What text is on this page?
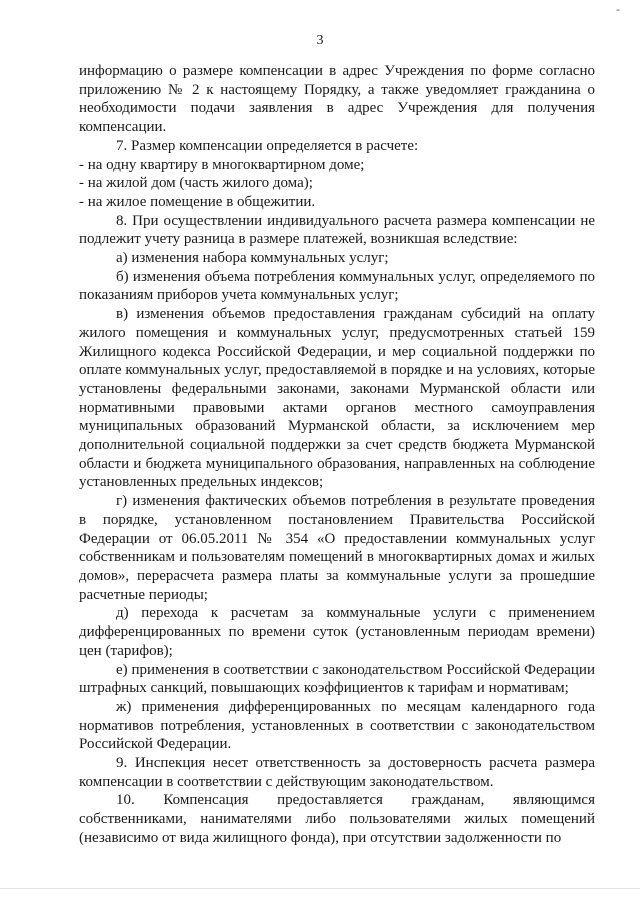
-
3

информацию о размере компенсации в адрес Учреждения по форме согласно приложению № 2 к настоящему Порядку, а также уведомляет гражданина о необходимости подачи заявления в адрес Учреждения для получения компенсации.

7. Размер компенсации определяется в расчете:

- на одну квартиру в многоквартирном доме;

- на жилой дом (часть жилого дома);

- на жилое помещение в общежитии.

8. При осуществлении индивидуального расчета размера компенсации не подлежит учету разница в размере платежей, возникшая вследствие:

а) изменения набора коммунальных услуг;

б) изменения объема потребления коммунальных услуг, определяемого по показаниям приборов учета коммунальных услуг;

в) изменения объемов предоставления гражданам субсидий на оплату жилого помещения и коммунальных услуг, предусмотренных статьей 159 Жилищного кодекса Российской Федерации, и мер социальной поддержки по оплате коммунальных услуг, предоставляемой в порядке и на условиях, которые установлены федеральными законами, законами Мурманской области или нормативными правовыми актами органов местного самоуправления муниципальных образований Мурманской области, за исключением мер дополнительной социальной поддержки за счет средств бюджета Мурманской области и бюджета муниципального образования, направленных на соблюдение установленных предельных индексов;

г) изменения фактических объемов потребления в результате проведения в порядке, установленном постановлением Правительства Российской Федерации от 06.05.2011 № 354 «О предоставлении коммунальных услуг собственникам и пользователям помещений в многоквартирных домах и жилых домов», перерасчета размера платы за коммунальные услуги за прошедшие расчетные периоды;

д) перехода к расчетам за коммунальные услуги с применением дифференцированных по времени суток (установленным периодам времени) цен (тарифов);

е) применения в соответствии с законодательством Российской Федерации штрафных санкций, повышающих коэффициентов к тарифам и нормативам;

ж) применения дифференцированных по месяцам календарного года нормативов потребления, установленных в соответствии с законодательством Российской Федерации.

9. Инспекция несет ответственность за достоверность расчета размера компенсации в соответствии с действующим законодательством.

10. Компенсация предоставляется гражданам, являющимся собственниками, нанимателями либо пользователями жилых помещений (независимо от вида жилищного фонда), при отсутствии задолженности по
